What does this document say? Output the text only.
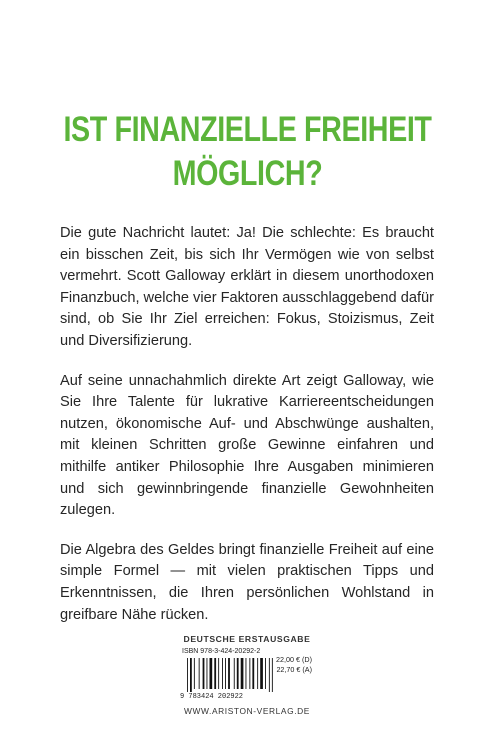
IST FINANZIELLE FREIHEIT
MÖGLICH?

Die gute Nachricht lautet: Ja! Die schlechte: Es braucht ein bisschen Zeit, bis sich Ihr Vermögen wie von selbst vermehrt. Scott Galloway erklärt in diesem unorthodoxen Finanzbuch, welche vier Faktoren ausschlaggebend dafür sind, ob Sie Ihr Ziel erreichen: Fokus, Stoizismus, Zeit und Diversifizierung.

Auf seine unnachahmlich direkte Art zeigt Galloway, wie Sie Ihre Talente für lukrative Karriereentscheidungen nutzen, ökonomische Auf- und Abschwünge aushalten, mit kleinen Schritten große Gewinne einfahren und mithilfe antiker Philosophie Ihre Ausgaben minimieren und sich gewinnbringende finanzielle Gewohnheiten zulegen.

Die Algebra des Geldes bringt finanzielle Freiheit auf eine simple Formel — mit vielen praktischen Tipps und Erkenntnissen, die Ihren persönlichen Wohlstand in greifbare Nähe rücken.

DEUTSCHE ERSTAUSGABE
ISBN 978-3-424-20292-2
22,00 € (D)
22,70 € (A)
9 783424 202922
WWW.ARISTON-VERLAG.DE
